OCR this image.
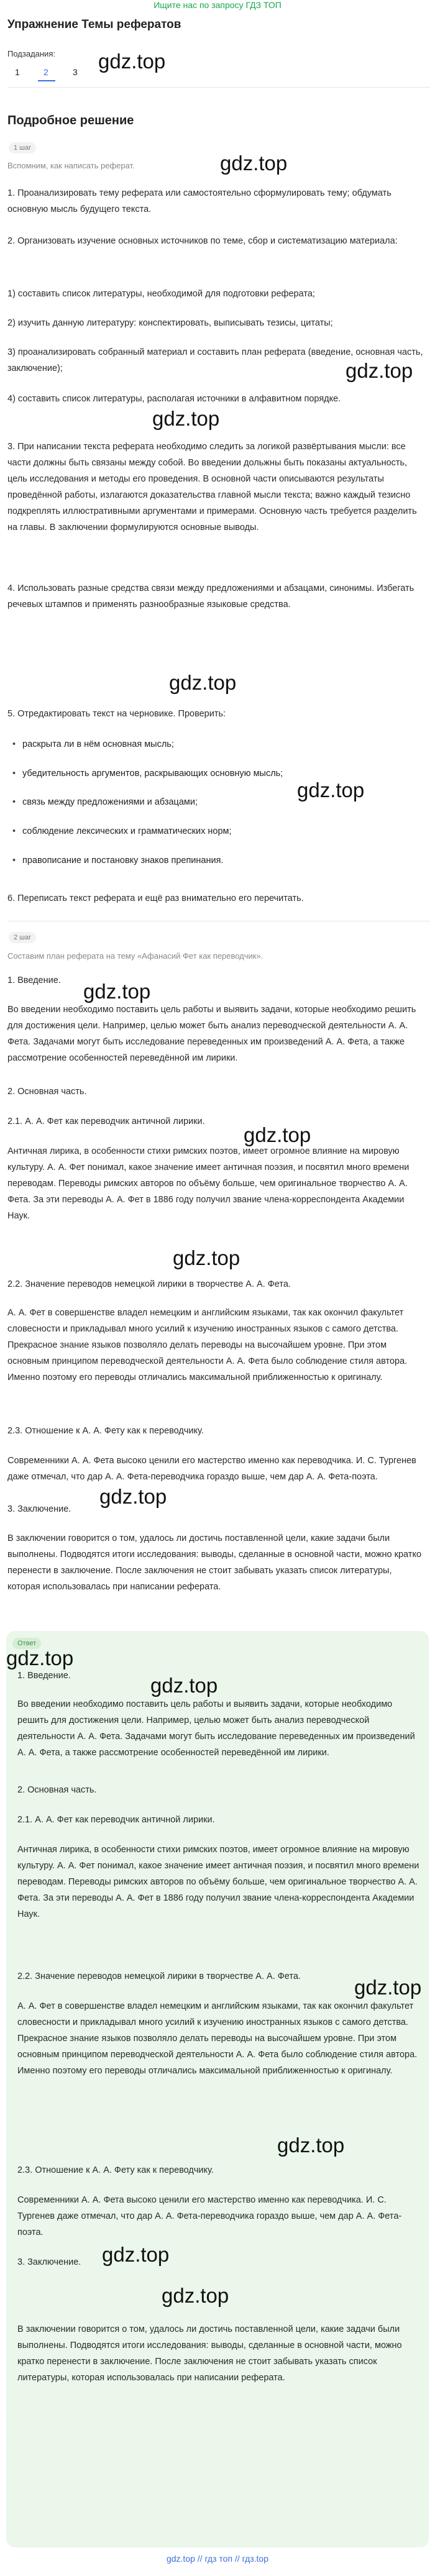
Ищите нас по запросу ГДЗ ТОП
Упражнение Темы рефератов
Подзадания:
1	2	3 gdz.top
Подробное решение
1 шаг
Вспомним, как написать реферат.	gdz.top
1. Проанализировать тему реферата или самостоятельно сформулировать тему; обдумать основную мысль будущего текста.
2. Организовать изучение основных источников по теме, сбор и систематизацию материала:
1) составить список литературы, необходимой для подготовки реферата;
2) изучить данную литературу: конспектировать, выписывать тезисы, цитаты;
3) проанализировать собранный материал и составить план реферата (введение, основная часть, заключение);	gdz.top
4) составить список литературы, располагая источники в алфавитном порядке.
gdz.top
3. При написании текста реферата необходимо следить за логикой развёртывания мысли: все части должны быть связаны между собой. Во введении дольжны быть показаны актуальность, цель исследования и методы его проведения. В основной части описываются результаты проведённой работы, излагаются доказательства главной мысли текста; важно каждый тезисно подкреплять иллюстративными аргументами и примерами. Основную часть требуется разделить на главы. В заключении формулируются основные выводы.
4. Использовать разные средства связи между предложениями и абзацами, синонимы. Избегать речевых штампов и применять разнообразные языковые средства.
gdz.top
5. Отредактировать текст на черновике. Проверить:
• раскрыта ли в нём основная мысль;
• убедительность аргументов, раскрывающих основную мысль;
gdz.top
• связь между предложениями и абзацами;
• соблюдение лексических и грамматических норм;
• правописание и постановку знаков препинания.
6. Переписать текст реферата и ещё раз внимательно его перечитать.
2 шаг
Составим план реферата на тему «Афанасий Фет как переводчик».
1. Введение.	gdz.top
Во введении необходимо поставить цель работы и выявить задачи, которые необходимо решить для достижения цели. Например, целью может быть анализ переводческой деятельности А. А. Фета. Задачами могут быть исследование переведенных им произведений А. А. Фета, а также рассмотрение особенностей переведённой им лирики.
2. Основная часть.
2.1. А. А. Фет как переводчик античной лирики.
gdz.top
Античная лирика, в особенности стихи римских поэтов, имеет огромное влияние на мировую культуру. А. А. Фет понимал, какое значение имеет античная поэзия, и посвятил много времени переводам. Переводы римских авторов по объёму больше, чем оригинальное творчество А. А. Фета. За эти переводы А. А. Фет в 1886 году получил звание члена-корреспондента Академии Наук.
gdz.top
2.2. Значение переводов немецкой лирики в творчестве А. А. Фета.
А. А. Фет в совершенстве владел немецким и английским языками, так как окончил факультет словесности и прикладывал много усилий к изучению иностранных языков с самого детства. Прекрасное знание языков позволяло делать переводы на высочайшем уровне. При этом основным принципом переводческой деятельности А. А. Фета было соблюдение стиля автора. Именно поэтому его переводы отличались максимальной приближенностью к оригиналу.
2.3. Отношение к А. А. Фету как к переводчику.
Современники А. А. Фета высоко ценили его мастерство именно как переводчика. И. С. Тургенев даже отмечал, что дар А. А. Фета-переводчика гораздо выше, чем дар А. А. Фета-поэта.
gdz.top
3. Заключение.
В заключении говорится о том, удалось ли достичь поставленной цели, какие задачи были выполнены. Подводятся итоги исследования: выводы, сделанные в основной части, можно кратко перенести в заключение. После заключения не стоит забывать указать список литературы, которая использовалась при написании реферата.
Ответ
gdz.top
gdz.top
1. Введение.
Во введении необходимо поставить цель работы и выявить задачи, которые необходимо решить для достижения цели. Например, целью может быть анализ переводческой деятельности А. А. Фета. Задачами могут быть исследование переведенных им произведений А. А. Фета, а также рассмотрение особенностей переведённой им лирики.
2. Основная часть.
2.1. А. А. Фет как переводчик античной лирики.
Античная лирика, в особенности стихи римских поэтов, имеет огромное влияние на мировую культуру. А. А. Фет понимал, какое значение имеет античная поэзия, и посвятил много времени переводам. Переводы римских авторов по объёму больше, чем оригинальное творчество А. А. Фета. За эти переводы А. А. Фет в 1886 году получил звание члена-корреспондента Академии Наук.
gdz.top
2.2. Значение переводов немецкой лирики в творчестве А. А. Фета.
А. А. Фет в совершенстве владел немецким и английским языками, так как окончил факультет словесности и прикладывал много усилий к изучению иностранных языков с самого детства. Прекрасное знание языков позволяло делать переводы на высочайшем уровне. При этом основным принципом переводческой деятельности А. А. Фета было соблюдение стиля автора. Именно поэтому его переводы отличались максимальной приближенностью к оригиналу.
gdz.top
2.3. Отношение к А. А. Фету как к переводчику.
Современники А. А. Фета высоко ценили его мастерство именно как переводчика. И. С. Тургенев даже отмечал, что дар А. А. Фета-переводчика гораздо выше, чем дар А. А. Фета-поэта.
gdz.top
3. Заключение.	gdz.top
В заключении говорится о том, удалось ли достичь поставленной цели, какие задачи были выполнены. Подводятся итоги исследования: выводы, сделанные в основной части, можно кратко перенести в заключение. После заключения не стоит забывать указать список литературы, которая использовалась при написании реферата.
gdz.top // гдз топ // гдз.top
